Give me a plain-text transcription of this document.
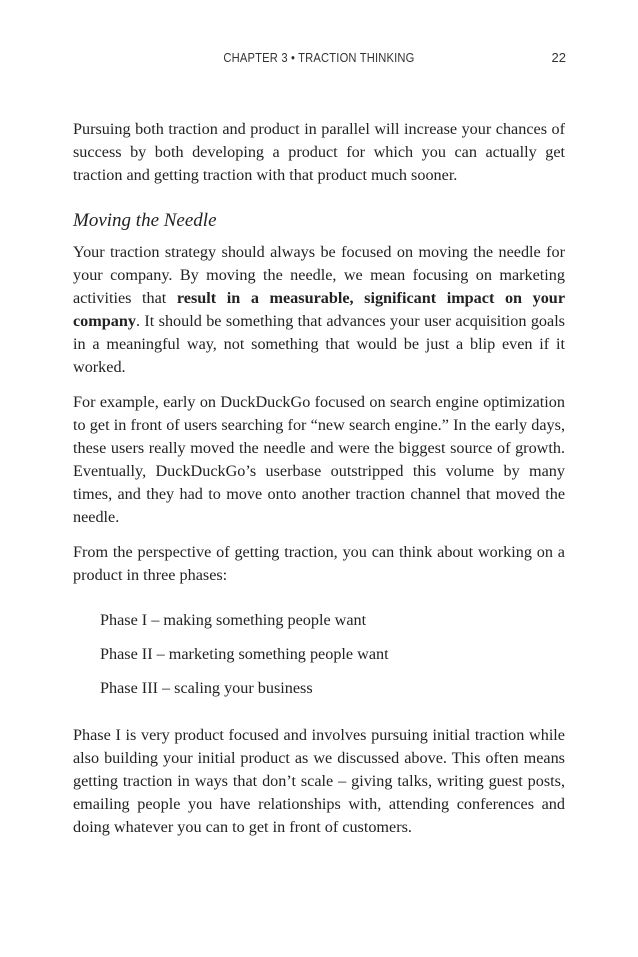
CHAPTER 3 • TRACTION THINKING	22

Pursuing both traction and product in parallel will increase your chances of success by both developing a product for which you can actually get traction and getting traction with that product much sooner.

Moving the Needle

Your traction strategy should always be focused on moving the needle for your company. By moving the needle, we mean focusing on marketing activities that result in a measurable, significant impact on your company. It should be something that advances your user acquisition goals in a meaningful way, not something that would be just a blip even if it worked.

For example, early on DuckDuckGo focused on search engine optimization to get in front of users searching for “new search engine.” In the early days, these users really moved the needle and were the biggest source of growth. Eventually, DuckDuckGo’s userbase outstripped this volume by many times, and they had to move onto another traction channel that moved the needle.

From the perspective of getting traction, you can think about working on a product in three phases:

Phase I – making something people want
Phase II – marketing something people want
Phase III – scaling your business

Phase I is very product focused and involves pursuing initial traction while also building your initial product as we discussed above. This often means getting traction in ways that don’t scale – giving talks, writing guest posts, emailing people you have relationships with, attending conferences and doing whatever you can to get in front of customers.
